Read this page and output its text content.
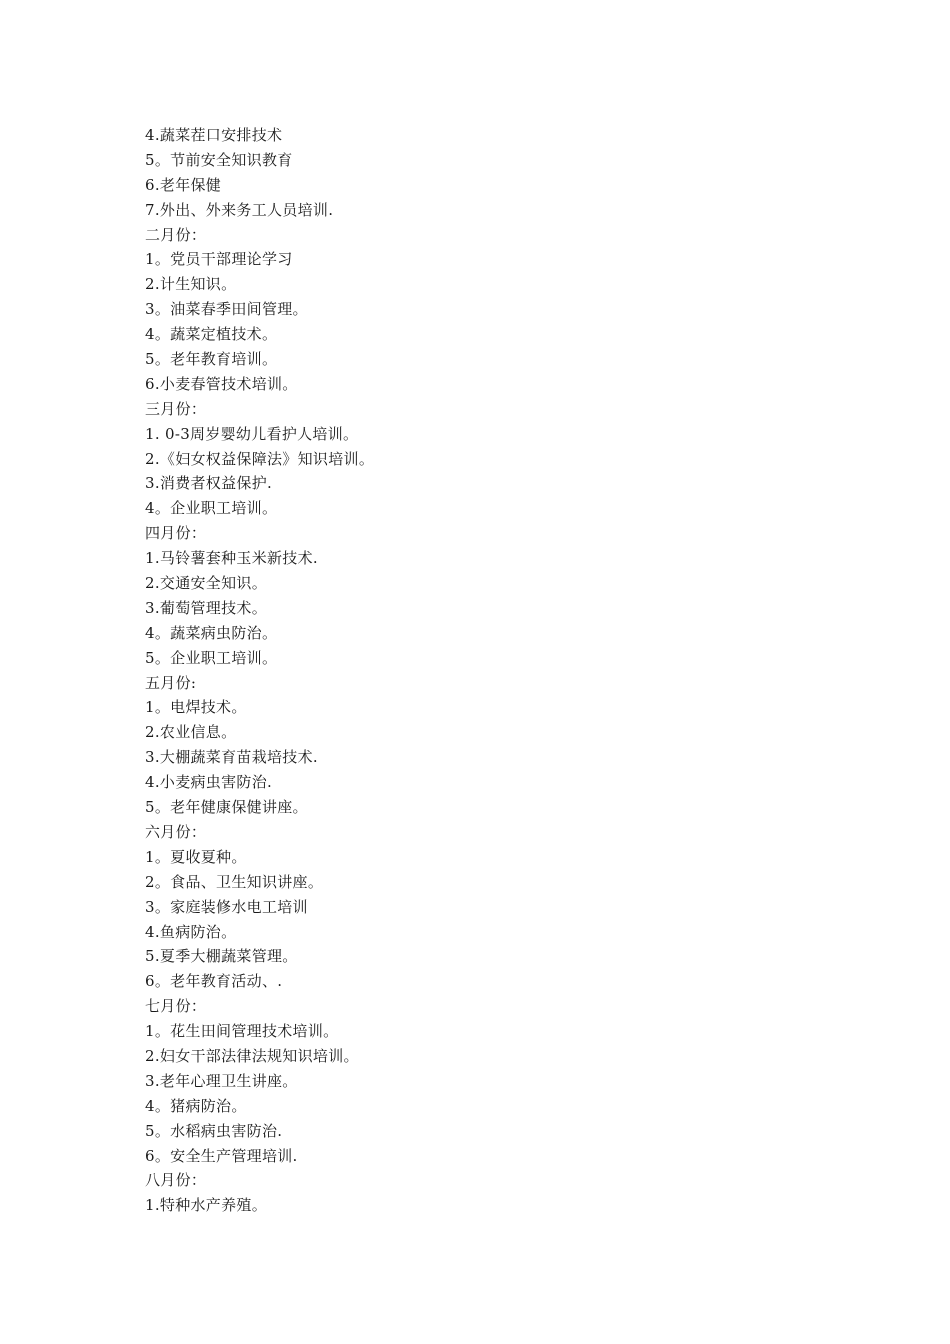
4.蔬菜茬口安排技术
5。节前安全知识教育
6.老年保健
7.外出、外来务工人员培训.
二月份：
1。党员干部理论学习
2.计生知识。
3。油菜春季田间管理。
4。蔬菜定植技术。
5。老年教育培训。
6.小麦春管技术培训。
三月份：
1. 0-3周岁婴幼儿看护人培训。
2.《妇女权益保障法》知识培训。
3.消费者权益保护.
4。企业职工培训。
四月份：
1.马铃薯套种玉米新技术.
2.交通安全知识。
3.葡萄管理技术。
4。蔬菜病虫防治。
5。企业职工培训。
五月份:
1。电焊技术。
2.农业信息。
3.大棚蔬菜育苗栽培技术.
4.小麦病虫害防治.
5。老年健康保健讲座。
六月份：
1。夏收夏种。
2。食品、卫生知识讲座。
3。家庭装修水电工培训
4.鱼病防治。
5.夏季大棚蔬菜管理。
6。老年教育活动、.
七月份：
1。花生田间管理技术培训。
2.妇女干部法律法规知识培训。
3.老年心理卫生讲座。
4。猪病防治。
5。水稻病虫害防治.
6。安全生产管理培训.
八月份：
1.特种水产养殖。
